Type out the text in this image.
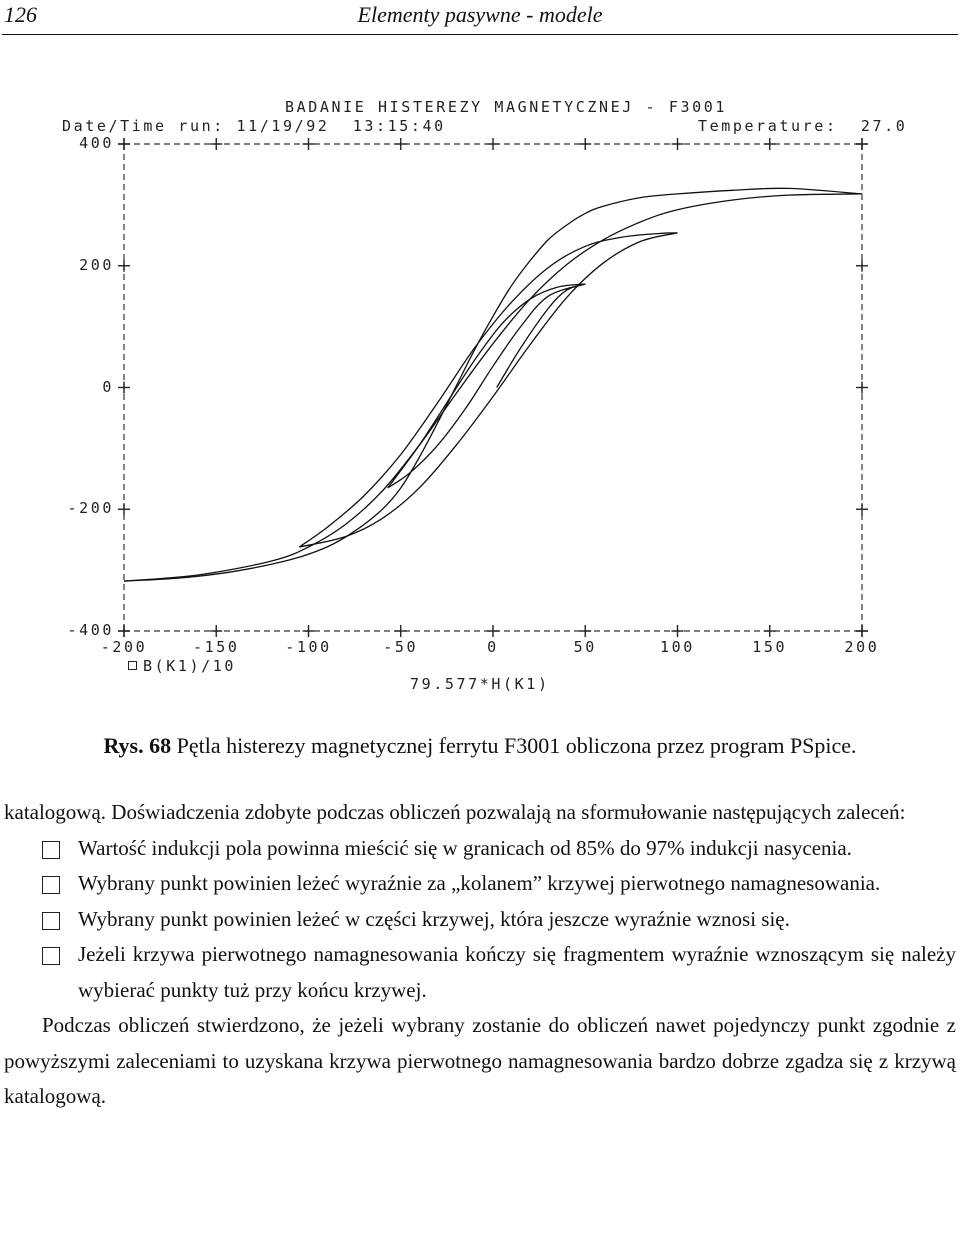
126	Elementy pasywne - modele
BADANIE HISTEREZY MAGNETYCZNEJ - F3001
Date/Time run: 11/19/92  13:15:40	Temperature:  27.0
400
200
0
-200
-400
-200	-150	-100	-50	0	50	100	150	200
B(K1)/10
79.577*H(K1)
Rys. 68 Pętla histerezy magnetycznej ferrytu F3001 obliczona przez program PSpice.

katalogową. Doświadczenia zdobyte podczas obliczeń pozwalają na sformułowanie następujących zaleceń:

Wartość indukcji pola powinna mieścić się w granicach od 85% do 97% indukcji nasycenia.

Wybrany punkt powinien leżeć wyraźnie za „kolanem” krzywej pierwotnego namagnesowania.

Wybrany punkt powinien leżeć w części krzywej, która jeszcze wyraźnie wznosi się.

Jeżeli krzywa pierwotnego namagnesowania kończy się fragmentem wyraźnie wznoszącym się należy wybierać punkty tuż przy końcu krzywej.

Podczas obliczeń stwierdzono, że jeżeli wybrany zostanie do obliczeń nawet pojedynczy punkt zgodnie z powyższymi zaleceniami to uzyskana krzywa pierwotnego namagnesowania bardzo dobrze zgadza się z krzywą katalogową.
